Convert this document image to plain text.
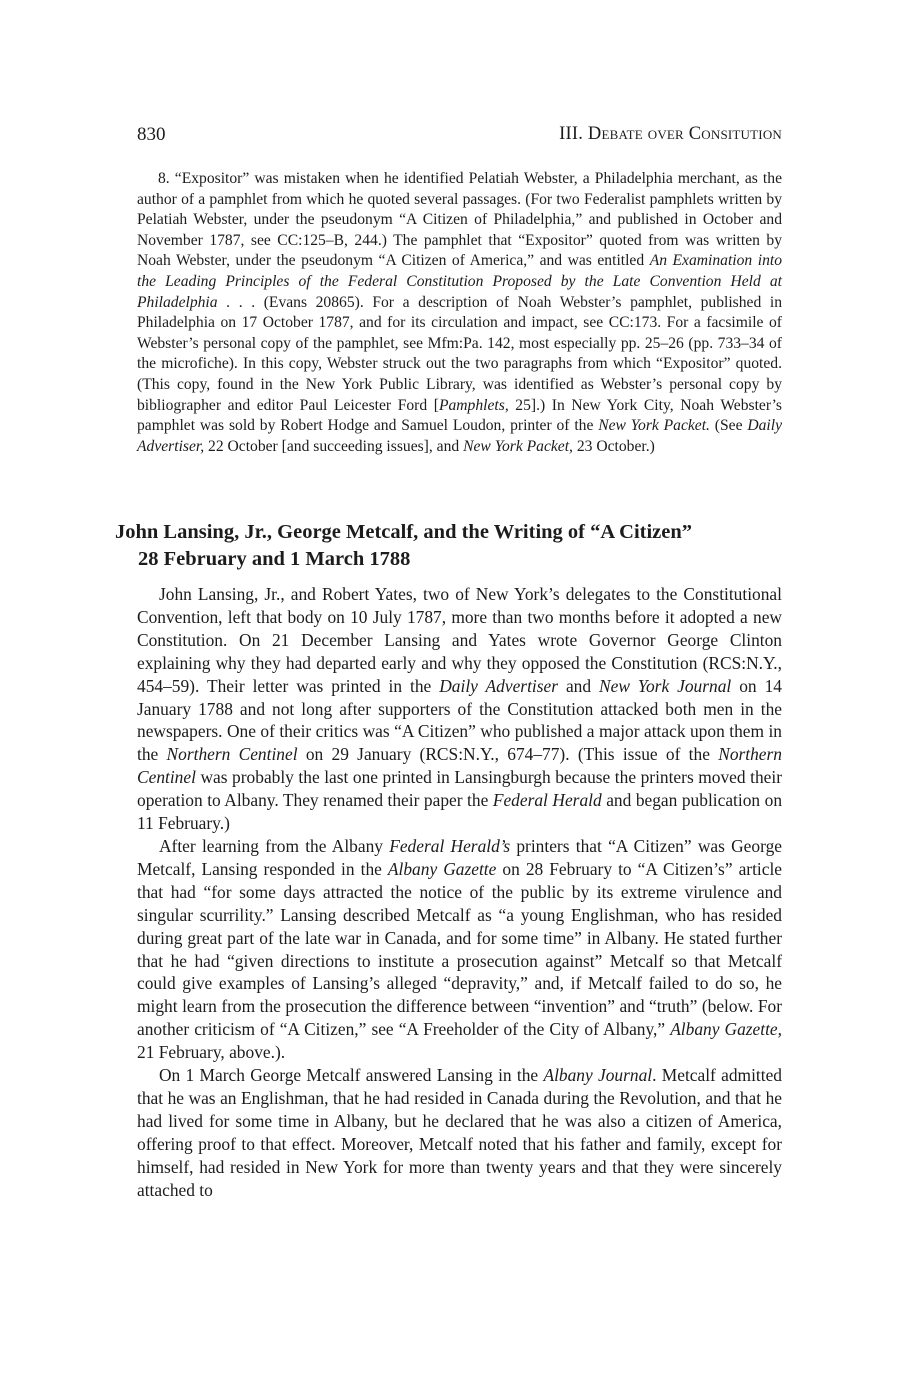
830	III. Debate over Consitution

8. “Expositor” was mistaken when he identified Pelatiah Webster, a Philadelphia merchant, as the author of a pamphlet from which he quoted several passages. (For two Federalist pamphlets written by Pelatiah Webster, under the pseudonym “A Citizen of Philadelphia,” and published in October and November 1787, see CC:125–B, 244.) The pamphlet that “Expositor” quoted from was written by Noah Webster, under the pseudonym “A Citizen of America,” and was entitled An Examination into the Leading Principles of the Federal Constitution Proposed by the Late Convention Held at Philadelphia . . . (Evans 20865). For a description of Noah Webster’s pamphlet, published in Philadelphia on 17 October 1787, and for its circulation and impact, see CC:173. For a facsimile of Webster’s personal copy of the pamphlet, see Mfm:Pa. 142, most especially pp. 25–26 (pp. 733–34 of the microfiche). In this copy, Webster struck out the two paragraphs from which “Expositor” quoted. (This copy, found in the New York Public Library, was identified as Webster’s personal copy by bibliographer and editor Paul Leicester Ford [Pamphlets, 25].) In New York City, Noah Webster’s pamphlet was sold by Robert Hodge and Samuel Loudon, printer of the New York Packet. (See Daily Advertiser, 22 October [and succeeding issues], and New York Packet, 23 October.)

John Lansing, Jr., George Metcalf, and the Writing of “A Citizen”
28 February and 1 March 1788

John Lansing, Jr., and Robert Yates, two of New York’s delegates to the Constitutional Convention, left that body on 10 July 1787, more than two months before it adopted a new Constitution. On 21 December Lansing and Yates wrote Governor George Clinton explaining why they had departed early and why they opposed the Constitution (RCS:N.Y., 454–59). Their letter was printed in the Daily Advertiser and New York Journal on 14 January 1788 and not long after supporters of the Constitution attacked both men in the newspapers. One of their critics was “A Citizen” who published a major attack upon them in the Northern Centinel on 29 January (RCS:N.Y., 674–77). (This issue of the Northern Centinel was probably the last one printed in Lansingburgh because the printers moved their operation to Albany. They renamed their paper the Federal Herald and began publication on 11 February.)

After learning from the Albany Federal Herald’s printers that “A Citizen” was George Metcalf, Lansing responded in the Albany Gazette on 28 February to “A Citizen’s” article that had “for some days attracted the notice of the public by its extreme virulence and singular scurrility.” Lansing described Metcalf as “a young Englishman, who has resided during great part of the late war in Canada, and for some time” in Albany. He stated further that he had “given directions to institute a prosecution against” Metcalf so that Metcalf could give examples of Lansing’s alleged “depravity,” and, if Metcalf failed to do so, he might learn from the prosecution the difference between “invention” and “truth” (below. For another criticism of “A Citizen,” see “A Freeholder of the City of Albany,” Albany Gazette, 21 February, above.).

On 1 March George Metcalf answered Lansing in the Albany Journal. Metcalf admitted that he was an Englishman, that he had resided in Canada during the Revolution, and that he had lived for some time in Albany, but he declared that he was also a citizen of America, offering proof to that effect. Moreover, Metcalf noted that his father and family, except for himself, had resided in New York for more than twenty years and that they were sincerely attached to
